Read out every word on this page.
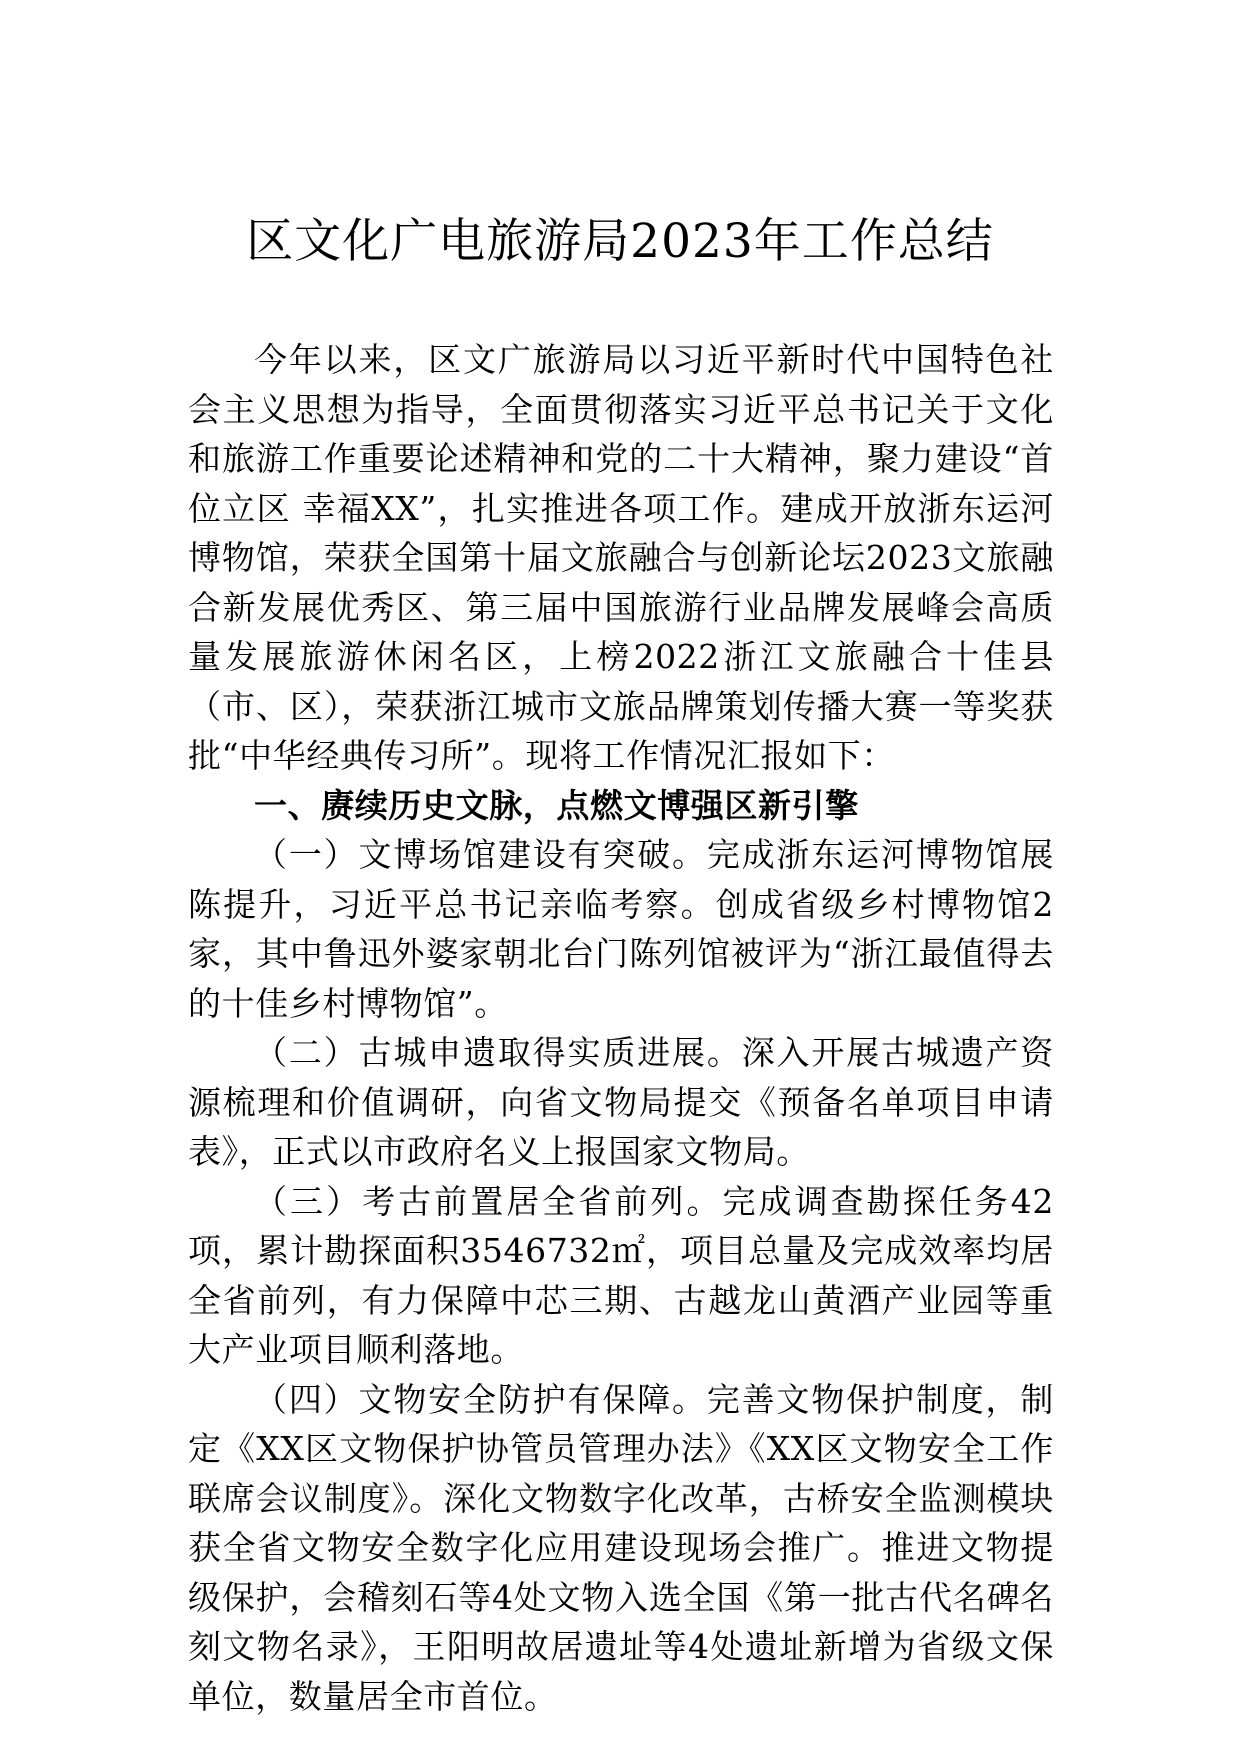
区文化广电旅游局2023年工作总结

今年以来，区文广旅游局以习近平新时代中国特色社会主义思想为指导，全面贯彻落实习近平总书记关于文化和旅游工作重要论述精神和党的二十大精神，聚力建设“首位立区 幸福XX”，扎实推进各项工作。建成开放浙东运河博物馆，荣获全国第十届文旅融合与创新论坛2023文旅融合新发展优秀区、第三届中国旅游行业品牌发展峰会高质量发展旅游休闲名区，上榜2022浙江文旅融合十佳县（市、区），荣获浙江城市文旅品牌策划传播大赛一等奖获批“中华经典传习所”。现将工作情况汇报如下：

一、赓续历史文脉，点燃文博强区新引擎

（一）文博场馆建设有突破。完成浙东运河博物馆展陈提升，习近平总书记亲临考察。创成省级乡村博物馆2家，其中鲁迅外婆家朝北台门陈列馆被评为“浙江最值得去的十佳乡村博物馆”。

（二）古城申遗取得实质进展。深入开展古城遗产资源梳理和价值调研，向省文物局提交《预备名单项目申请表》，正式以市政府名义上报国家文物局。

（三）考古前置居全省前列。完成调查勘探任务42项，累计勘探面积3546732㎡，项目总量及完成效率均居全省前列，有力保障中芯三期、古越龙山黄酒产业园等重大产业项目顺利落地。

（四）文物安全防护有保障。完善文物保护制度，制定《XX区文物保护协管员管理办法》《XX区文物安全工作联席会议制度》。深化文物数字化改革，古桥安全监测模块获全省文物安全数字化应用建设现场会推广。推进文物提级保护，会稽刻石等4处文物入选全国《第一批古代名碑名刻文物名录》，王阳明故居遗址等4处遗址新增为省级文保单位，数量居全市首位。
